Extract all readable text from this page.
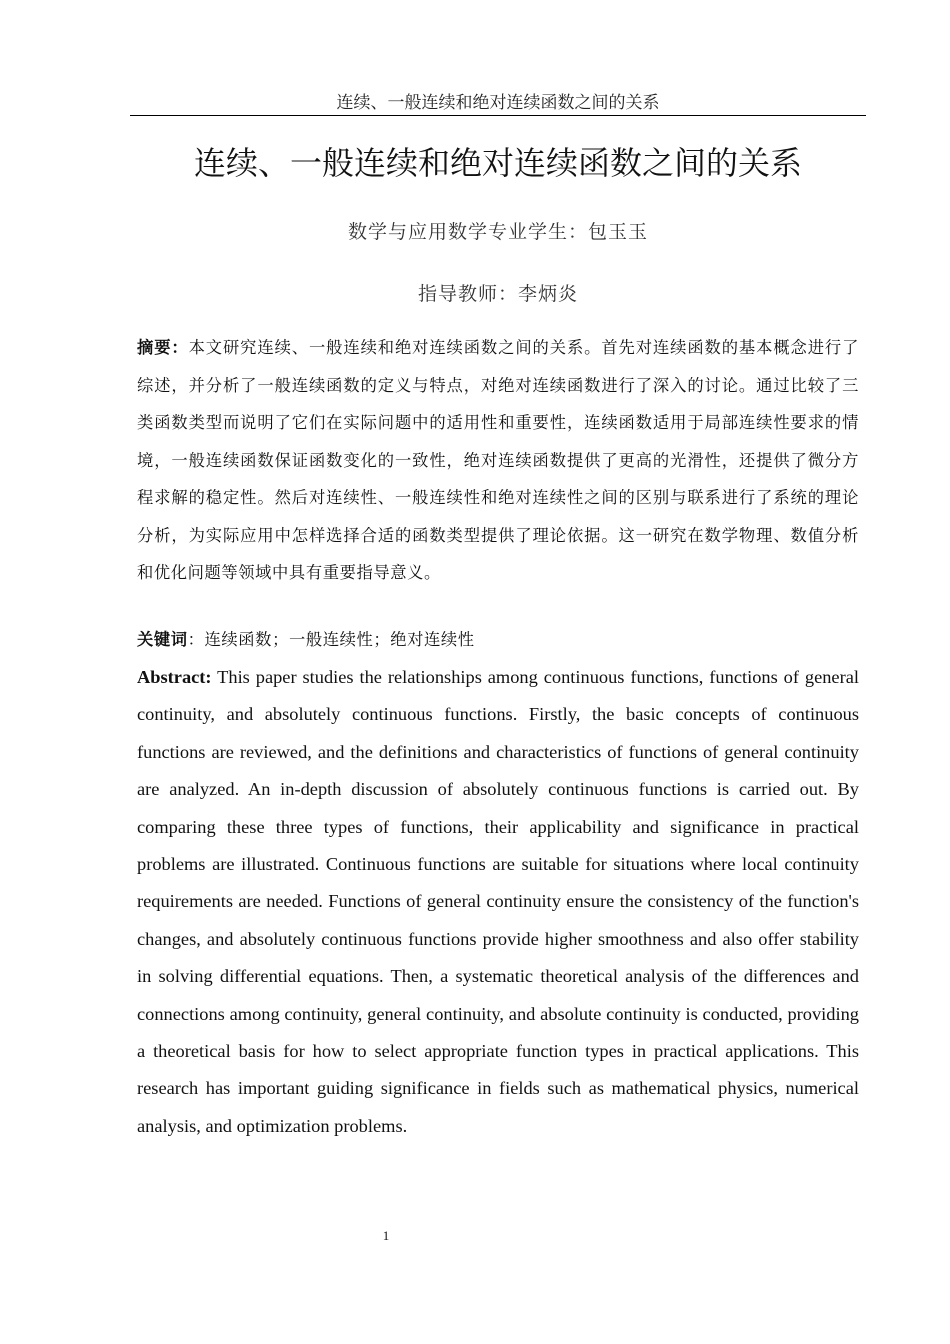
连续、一般连续和绝对连续函数之间的关系
连续、一般连续和绝对连续函数之间的关系
数学与应用数学专业学生：包玉玉
指导教师：李炳炎

摘要：本文研究连续、一般连续和绝对连续函数之间的关系。首先对连续函数的基本概念进行了综述，并分析了一般连续函数的定义与特点，对绝对连续函数进行了深入的讨论。通过比较了三类函数类型而说明了它们在实际问题中的适用性和重要性，连续函数适用于局部连续性要求的情境，一般连续函数保证函数变化的一致性，绝对连续函数提供了更高的光滑性，还提供了微分方程求解的稳定性。然后对连续性、一般连续性和绝对连续性之间的区别与联系进行了系统的理论分析，为实际应用中怎样选择合适的函数类型提供了理论依据。这一研究在数学物理、数值分析和优化问题等领域中具有重要指导意义。

关键词：连续函数；一般连续性；绝对连续性

Abstract: This paper studies the relationships among continuous functions, functions of general continuity, and absolutely continuous functions. Firstly, the basic concepts of continuous functions are reviewed, and the definitions and characteristics of functions of general continuity are analyzed. An in-depth discussion of absolutely continuous functions is carried out. By comparing these three types of functions, their applicability and significance in practical problems are illustrated. Continuous functions are suitable for situations where local continuity requirements are needed. Functions of general continuity ensure the consistency of the function's changes, and absolutely continuous functions provide higher smoothness and also offer stability in solving differential equations. Then, a systematic theoretical analysis of the differences and connections among continuity, general continuity, and absolute continuity is conducted, providing a theoretical basis for how to select appropriate function types in practical applications. This research has important guiding significance in fields such as mathematical physics, numerical analysis, and optimization problems.

1
